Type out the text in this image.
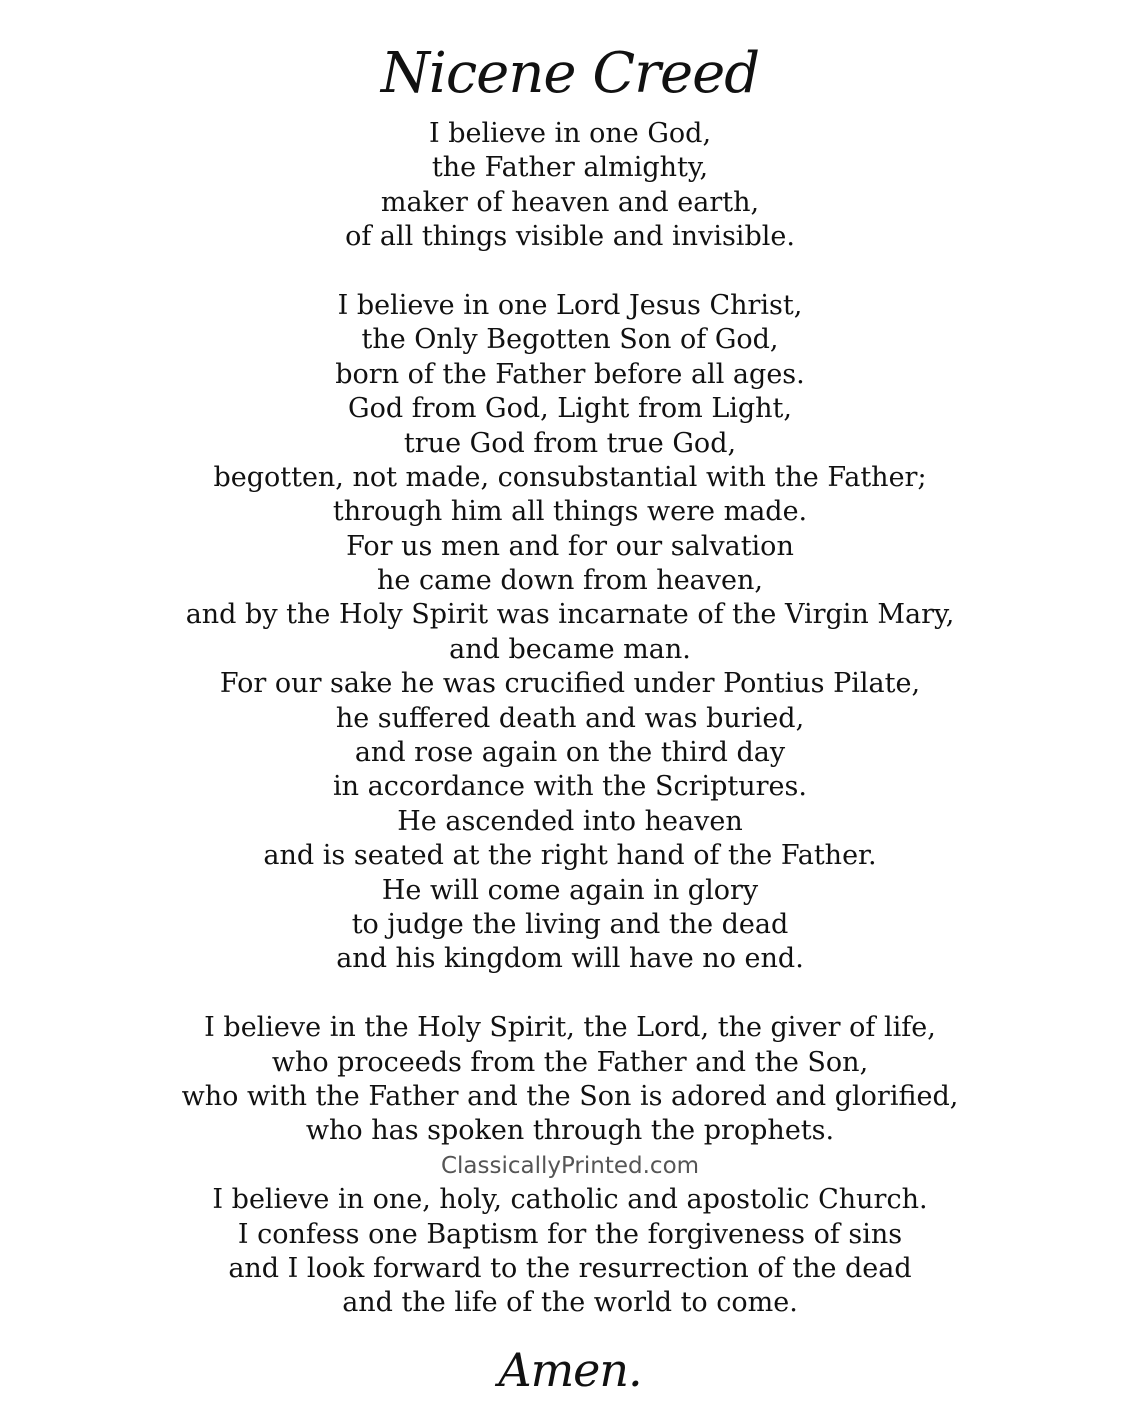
Nicene Creed
I believe in one God,
the Father almighty,
maker of heaven and earth,
of all things visible and invisible.
I believe in one Lord Jesus Christ,
the Only Begotten Son of God,
born of the Father before all ages.
God from God, Light from Light,
true God from true God,
begotten, not made, consubstantial with the Father;
through him all things were made.
For us men and for our salvation
he came down from heaven,
and by the Holy Spirit was incarnate of the Virgin Mary,
and became man.
For our sake he was crucified under Pontius Pilate,
he suffered death and was buried,
and rose again on the third day
in accordance with the Scriptures.
He ascended into heaven
and is seated at the right hand of the Father.
He will come again in glory
to judge the living and the dead
and his kingdom will have no end.
I believe in the Holy Spirit, the Lord, the giver of life,
who proceeds from the Father and the Son,
who with the Father and the Son is adored and glorified,
who has spoken through the prophets.
ClassicallyPrinted.com
I believe in one, holy, catholic and apostolic Church.
I confess one Baptism for the forgiveness of sins
and I look forward to the resurrection of the dead
and the life of the world to come.
Amen.
